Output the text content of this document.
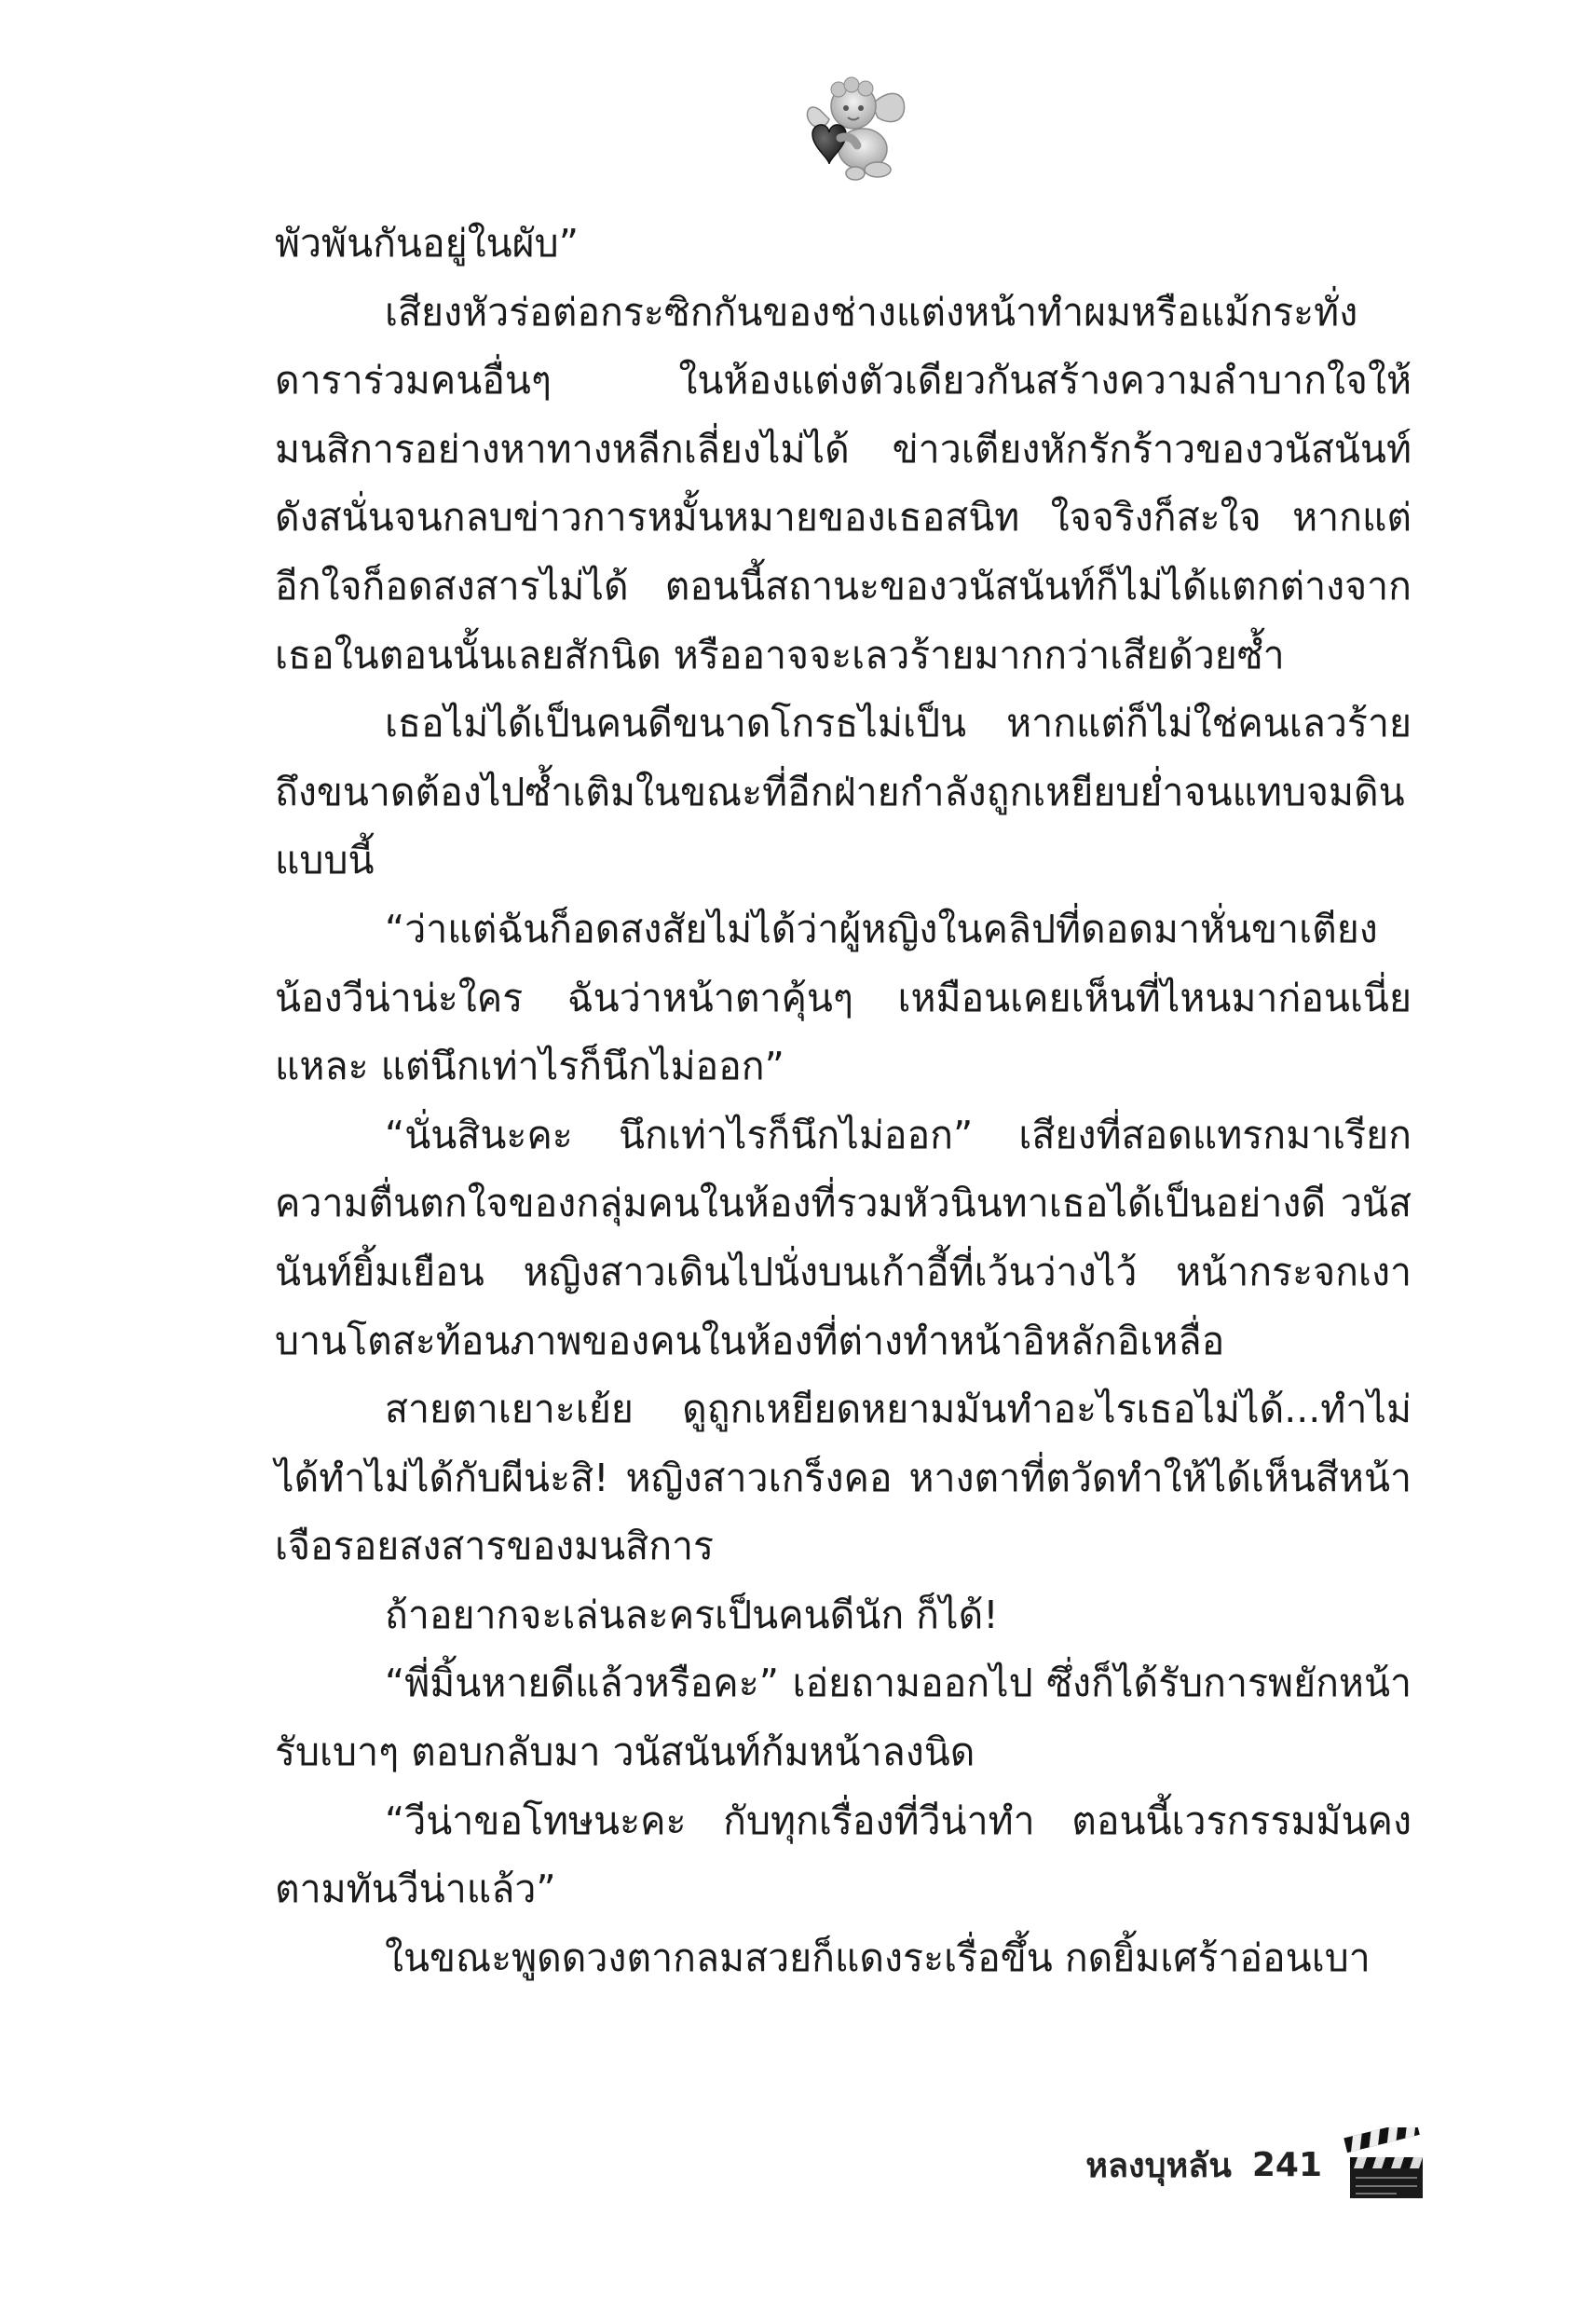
พัวพันกันอยู่ในผับ”

เสียงหัวร่อต่อกระซิกกันของช่างแต่งหน้าทำผมหรือแม้กระทั่งดาราร่วมคนอื่นๆ ในห้องแต่งตัวเดียวกันสร้างความลำบากใจให้มนสิการอย่างหาทางหลีกเลี่ยงไม่ได้ ข่าวเตียงหักรักร้าวของวนัสนันท์ดังสนั่นจนกลบข่าวการหมั้นหมายของเธอสนิท ใจจริงก็สะใจ หากแต่อีกใจก็อดสงสารไม่ได้ ตอนนี้สถานะของวนัสนันท์ก็ไม่ได้แตกต่างจากเธอในตอนนั้นเลยสักนิด หรืออาจจะเลวร้ายมากกว่าเสียด้วยซ้ำ

เธอไม่ได้เป็นคนดีขนาดโกรธไม่เป็น หากแต่ก็ไม่ใช่คนเลวร้ายถึงขนาดต้องไปซ้ำเติมในขณะที่อีกฝ่ายกำลังถูกเหยียบย่ำจนแทบจมดินแบบนี้

“ว่าแต่ฉันก็อดสงสัยไม่ได้ว่าผู้หญิงในคลิปที่ดอดมาหั่นขาเตียงน้องวีน่าน่ะใคร ฉันว่าหน้าตาคุ้นๆ เหมือนเคยเห็นที่ไหนมาก่อนเนี่ยแหละ แต่นึกเท่าไรก็นึกไม่ออก”

“นั่นสินะคะ นึกเท่าไรก็นึกไม่ออก” เสียงที่สอดแทรกมาเรียกความตื่นตกใจของกลุ่มคนในห้องที่รวมหัวนินทาเธอได้เป็นอย่างดี วนัสนันท์ยิ้มเยือน หญิงสาวเดินไปนั่งบนเก้าอี้ที่เว้นว่างไว้ หน้ากระจกเงาบานโตสะท้อนภาพของคนในห้องที่ต่างทำหน้าอิหลักอิเหลื่อ

สายตาเยาะเย้ย ดูถูกเหยียดหยามมันทำอะไรเธอไม่ได้...ทำไม่ได้ทำไม่ได้กับผีน่ะสิ! หญิงสาวเกร็งคอ หางตาที่ตวัดทำให้ได้เห็นสีหน้าเจือรอยสงสารของมนสิการ

ถ้าอยากจะเล่นละครเป็นคนดีนัก ก็ได้!

“พี่มิ้นหายดีแล้วหรือคะ” เอ่ยถามออกไป ซึ่งก็ได้รับการพยักหน้ารับเบาๆ ตอบกลับมา วนัสนันท์ก้มหน้าลงนิด

“วีน่าขอโทษนะคะ กับทุกเรื่องที่วีน่าทำ ตอนนี้เวรกรรมมันคงตามทันวีน่าแล้ว”

ในขณะพูดดวงตากลมสวยก็แดงระเรื่อขึ้น กดยิ้มเศร้าอ่อนเบา

หลงบุหลัน 241
